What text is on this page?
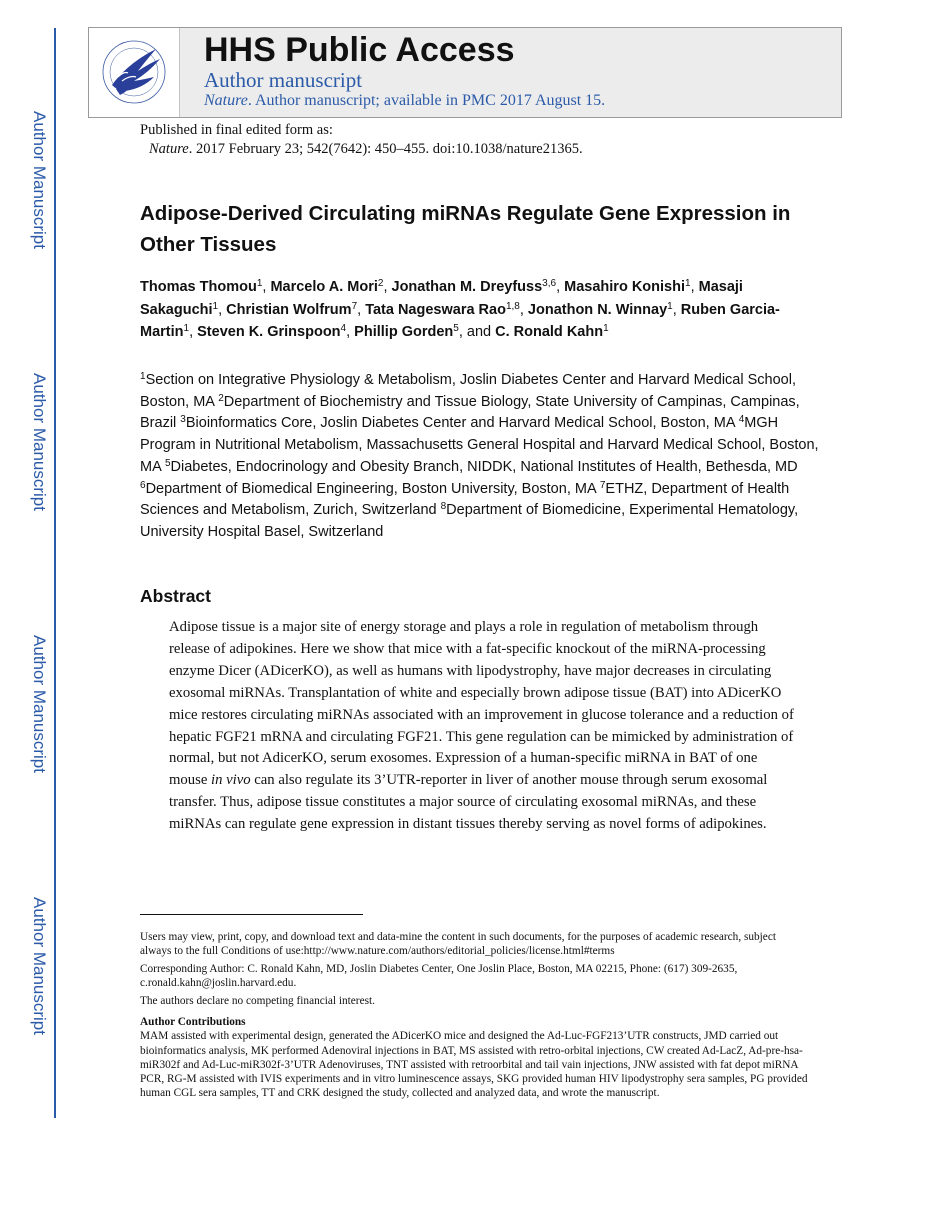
Author Manuscript
Author Manuscript
Author Manuscript
Author Manuscript
HHS Public Access
Author manuscript
Nature. Author manuscript; available in PMC 2017 August 15.
Published in final edited form as:
Nature. 2017 February 23; 542(7642): 450–455. doi:10.1038/nature21365.
Adipose-Derived Circulating miRNAs Regulate Gene Expression in Other Tissues
Thomas Thomou$^1$, Marcelo A. Mori$^2$, Jonathan M. Dreyfuss$^{3,6}$, Masahiro Konishi$^1$, Masaji Sakaguchi$^1$, Christian Wolfrum$^7$, Tata Nageswara Rao$^{1,8}$, Jonathon N. Winnay$^1$, Ruben Garcia-Martin$^1$, Steven K. Grinspoon$^4$, Phillip Gorden$^5$, and C. Ronald Kahn$^1$
$^1$Section on Integrative Physiology & Metabolism, Joslin Diabetes Center and Harvard Medical School, Boston, MA $^2$Department of Biochemistry and Tissue Biology, State University of Campinas, Campinas, Brazil $^3$Bioinformatics Core, Joslin Diabetes Center and Harvard Medical School, Boston, MA $^4$MGH Program in Nutritional Metabolism, Massachusetts General Hospital and Harvard Medical School, Boston, MA $^5$Diabetes, Endocrinology and Obesity Branch, NIDDK, National Institutes of Health, Bethesda, MD $^6$Department of Biomedical Engineering, Boston University, Boston, MA $^7$ETHZ, Department of Health Sciences and Metabolism, Zurich, Switzerland $^8$Department of Biomedicine, Experimental Hematology, University Hospital Basel, Switzerland
Abstract
Adipose tissue is a major site of energy storage and plays a role in regulation of metabolism through release of adipokines. Here we show that mice with a fat-specific knockout of the miRNA-processing enzyme Dicer (ADicerKO), as well as humans with lipodystrophy, have major decreases in circulating exosomal miRNAs. Transplantation of white and especially brown adipose tissue (BAT) into ADicerKO mice restores circulating miRNAs associated with an improvement in glucose tolerance and a reduction of hepatic FGF21 mRNA and circulating FGF21. This gene regulation can be mimicked by administration of normal, but not AdicerKO, serum exosomes. Expression of a human-specific miRNA in BAT of one mouse in vivo can also regulate its 3’UTR-reporter in liver of another mouse through serum exosomal transfer. Thus, adipose tissue constitutes a major source of circulating exosomal miRNAs, and these miRNAs can regulate gene expression in distant tissues thereby serving as novel forms of adipokines.
Users may view, print, copy, and download text and data-mine the content in such documents, for the purposes of academic research, subject always to the full Conditions of use:http://www.nature.com/authors/editorial_policies/license.html#terms
Corresponding Author: C. Ronald Kahn, MD, Joslin Diabetes Center, One Joslin Place, Boston, MA 02215, Phone: (617) 309-2635, c.ronald.kahn@joslin.harvard.edu.
The authors declare no competing financial interest.
Author Contributions
MAM assisted with experimental design, generated the ADicerKO mice and designed the Ad-Luc-FGF213’UTR constructs, JMD carried out bioinformatics analysis, MK performed Adenoviral injections in BAT, MS assisted with retro-orbital injections, CW created Ad-LacZ, Ad-pre-hsa-miR302f and Ad-Luc-miR302f-3’UTR Adenoviruses, TNT assisted with retroorbital and tail vain injections, JNW assisted with fat depot miRNA PCR, RG-M assisted with IVIS experiments and in vitro luminescence assays, SKG provided human HIV lipodystrophy sera samples, PG provided human CGL sera samples, TT and CRK designed the study, collected and analyzed data, and wrote the manuscript.
